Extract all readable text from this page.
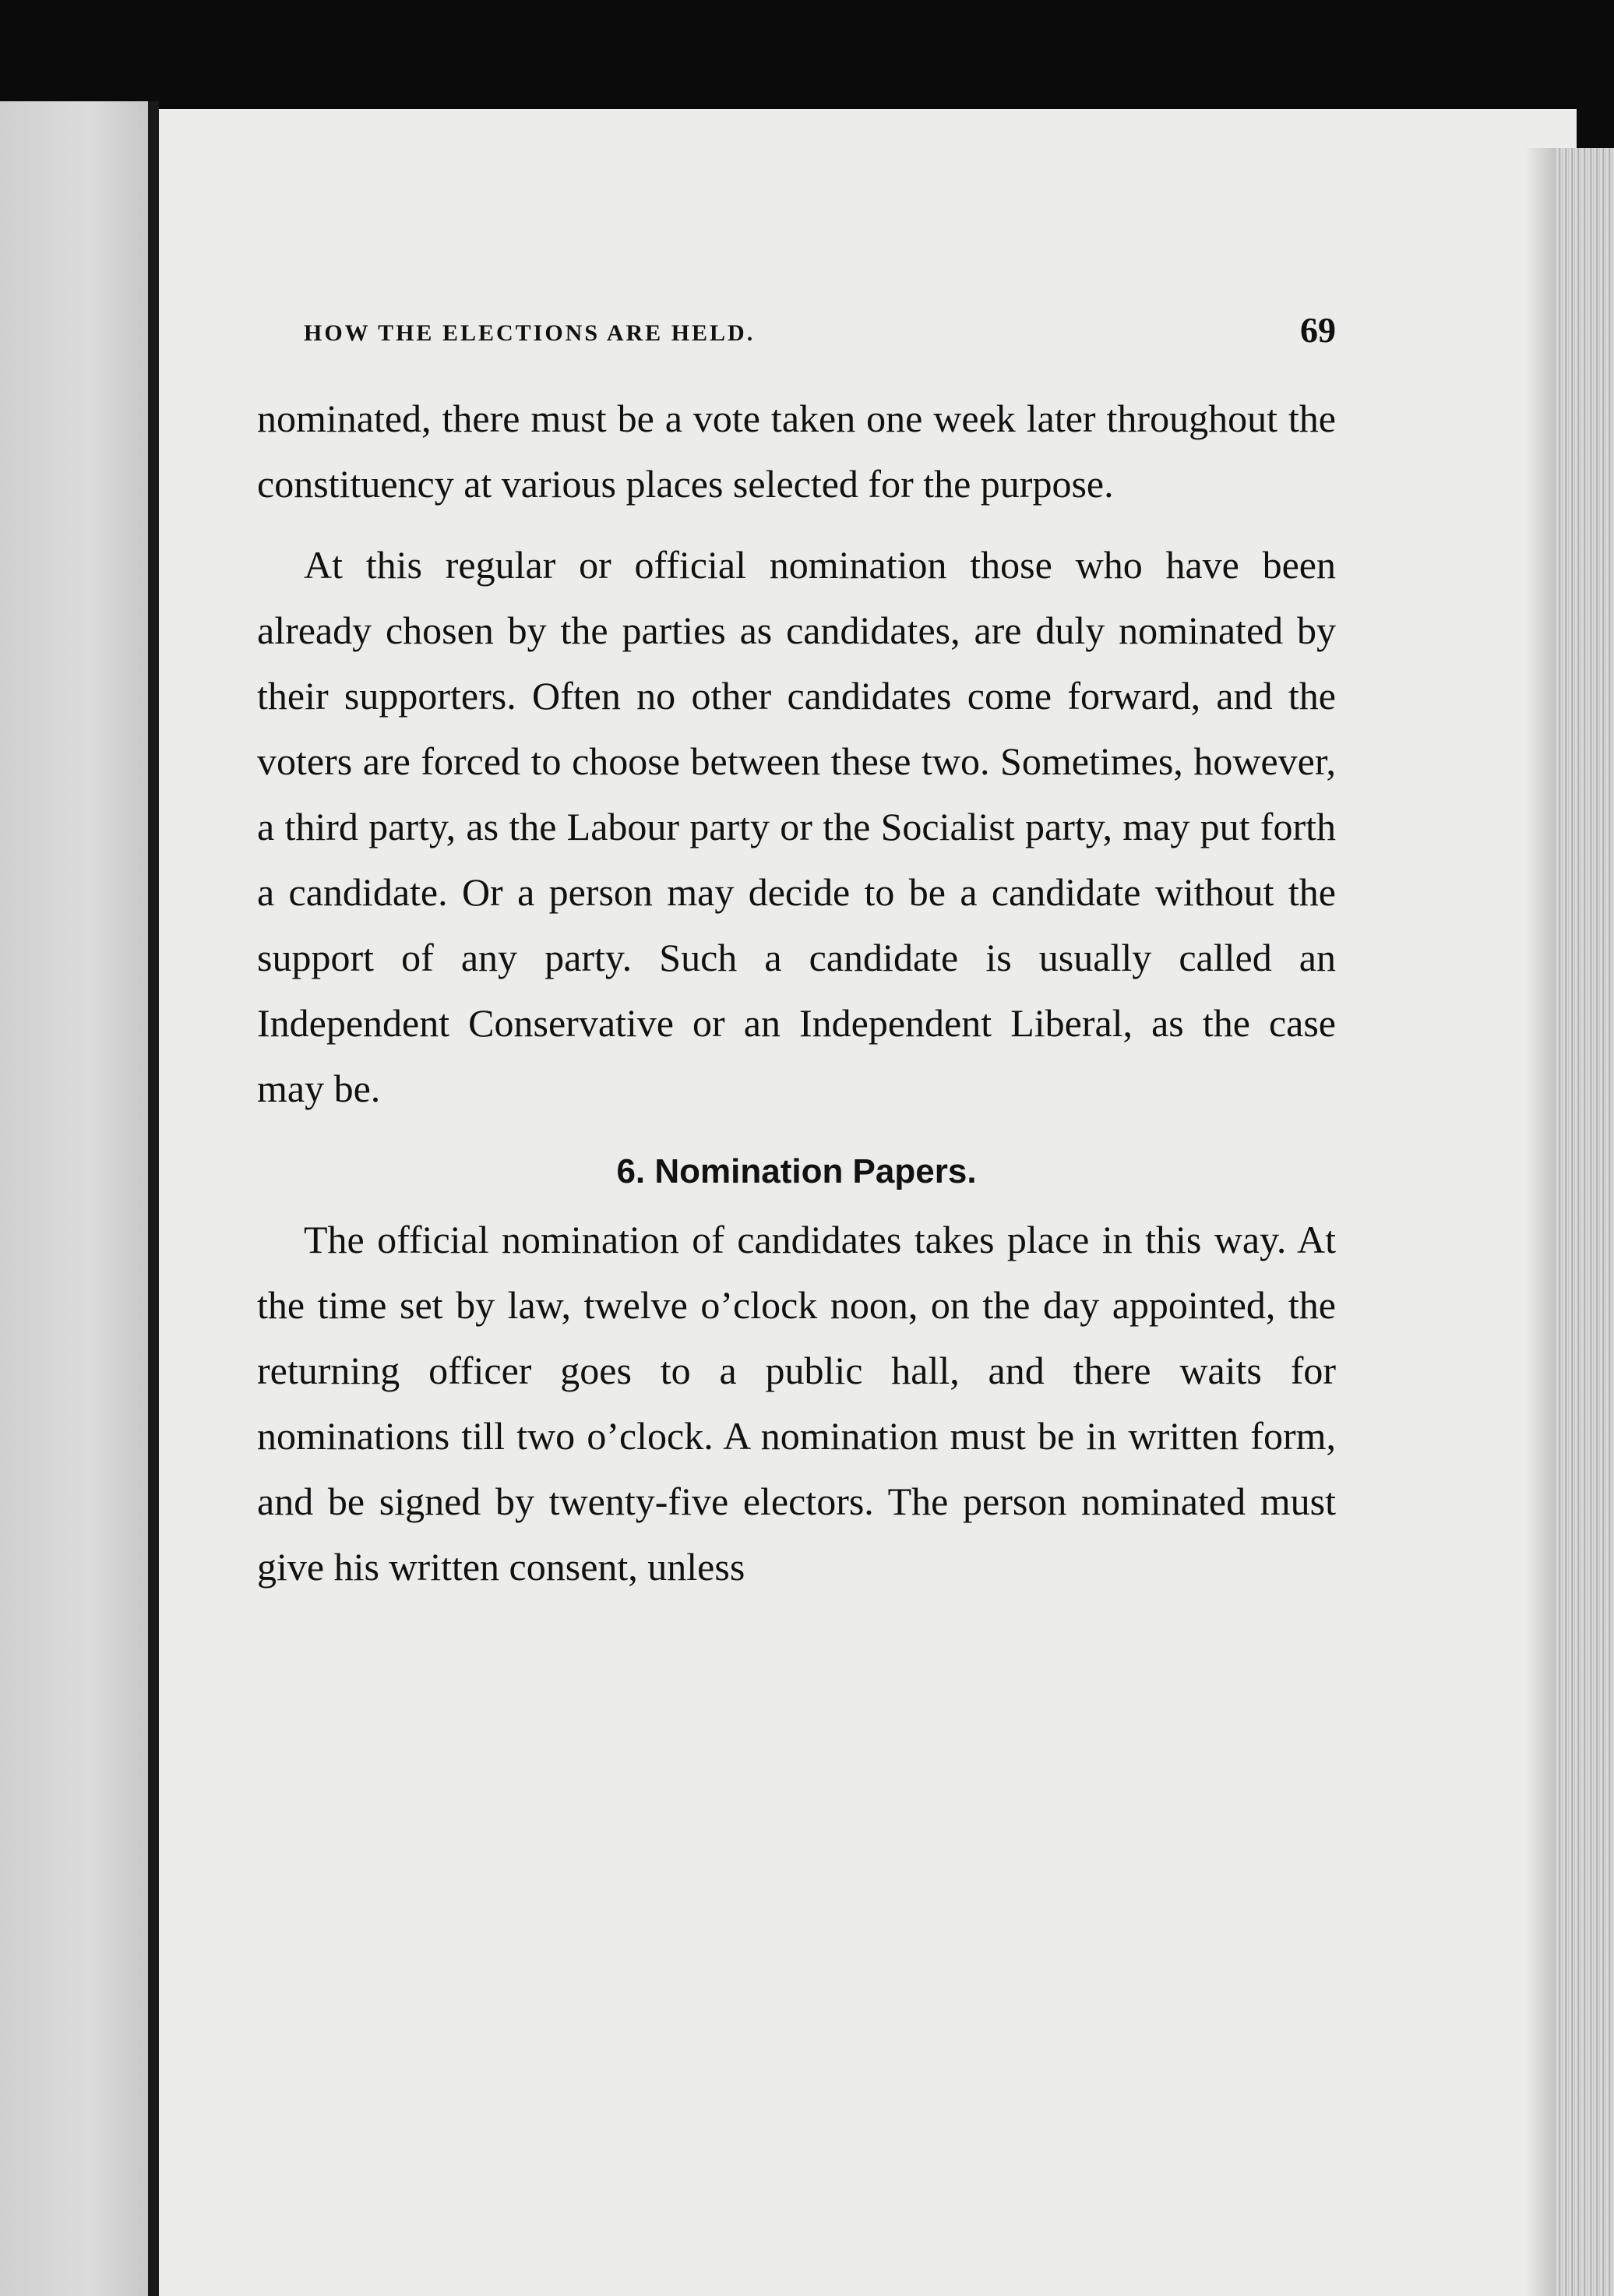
HOW THE ELECTIONS ARE HELD.	69

nominated, there must be a vote taken one week later throughout the constituency at various places selected for the purpose.

At this regular or official nomination those who have been already chosen by the parties as candidates, are duly nominated by their supporters. Often no other candidates come forward, and the voters are forced to choose between these two. Sometimes, however, a third party, as the Labour party or the Socialist party, may put forth a candidate. Or a person may decide to be a candidate without the support of any party. Such a candidate is usually called an Independent Conservative or an Independent Liberal, as the case may be.

6. Nomination Papers.

The official nomination of candidates takes place in this way. At the time set by law, twelve o’clock noon, on the day appointed, the returning officer goes to a public hall, and there waits for nominations till two o’clock. A nomination must be in written form, and be signed by twenty-five electors. The person nominated must give his written consent, unless
